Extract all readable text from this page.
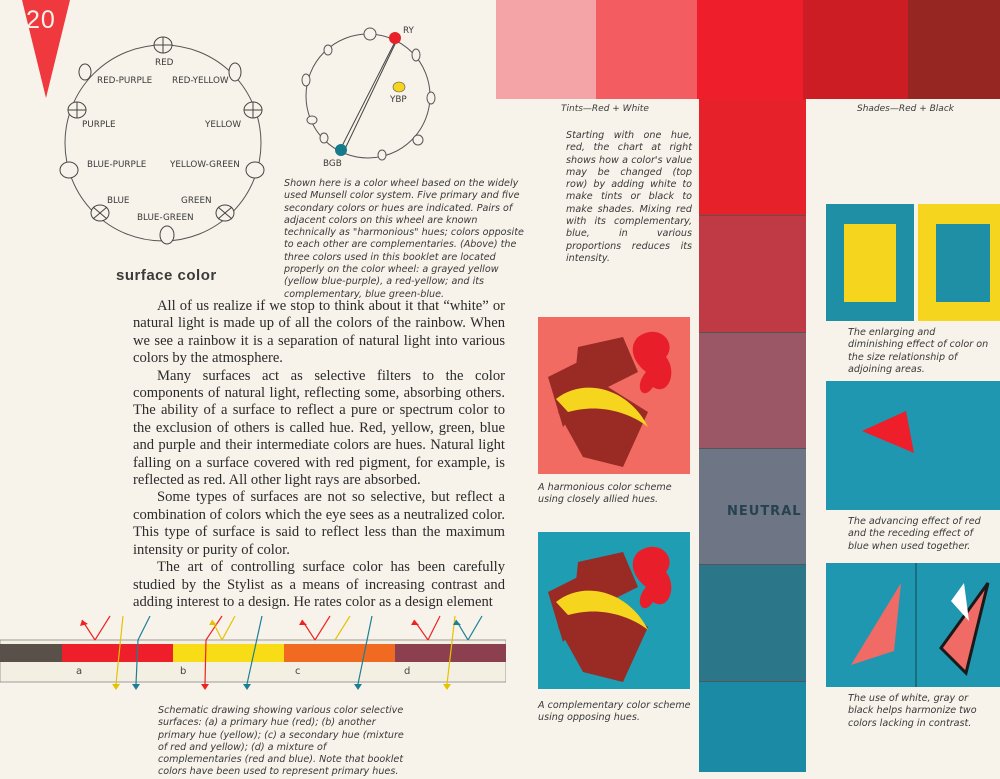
20
RED
RED-PURPLE RED-YELLOW
PURPLE	YELLOW
BLUE-PURPLE	YELLOW-GREEN
BLUE	GREEN
BLUE-GREEN
RY
YBP
BGB
Shown here is a color wheel based on the widely used Munsell color system. Five primary and five secondary colors or hues are indicated. Pairs of adjacent colors on this wheel are known technically as "harmonious" hues; colors opposite to each other are complementaries. (Above) the three colors used in this booklet are located properly on the color wheel: a grayed yellow (yellow blue-purple), a red-yellow; and its complementary, blue green-blue.
surface color

All of us realize if we stop to think about it that “white” or natural light is made up of all the colors of the rainbow. When we see a rainbow it is a separation of natural light into various colors by the atmosphere.

Many surfaces act as selective filters to the color components of natural light, reflecting some, absorbing others. The ability of a surface to reflect a pure or spectrum color to the exclusion of others is called hue. Red, yellow, green, blue and purple and their intermediate colors are hues. Natural light falling on a surface covered with red pigment, for example, is reflected as red. All other light rays are absorbed.

Some types of surfaces are not so selective, but reflect a combination of colors which the eye sees as a neutralized color. This type of surface is said to reflect less than the maximum intensity or purity of color.

The art of controlling surface color has been carefully studied by the Stylist as a means of increasing contrast and adding interest to a design. He rates color as a design element

a	b	c	d
Schematic drawing showing various color selective surfaces: (a) a primary hue (red); (b) another primary hue (yellow); (c) a secondary hue (mixture of red and yellow); (d) a mixture of complementaries (red and blue). Note that booklet colors have been used to represent primary hues.
Tints—Red + White	Shades—Red + Black
NEUTRAL
Starting with one hue, red, the chart at right shows how a color's value may be changed (top row) by adding white to make tints or black to make shades. Mixing red with its complementary, blue, in various proportions reduces its intensity.
A harmonious color scheme using closely allied hues.
A complementary color scheme using opposing hues.
The enlarging and diminishing effect of color on the size relationship of adjoining areas.
The advancing effect of red and the receding effect of blue when used together.
The use of white, gray or black helps harmonize two colors lacking in contrast.
